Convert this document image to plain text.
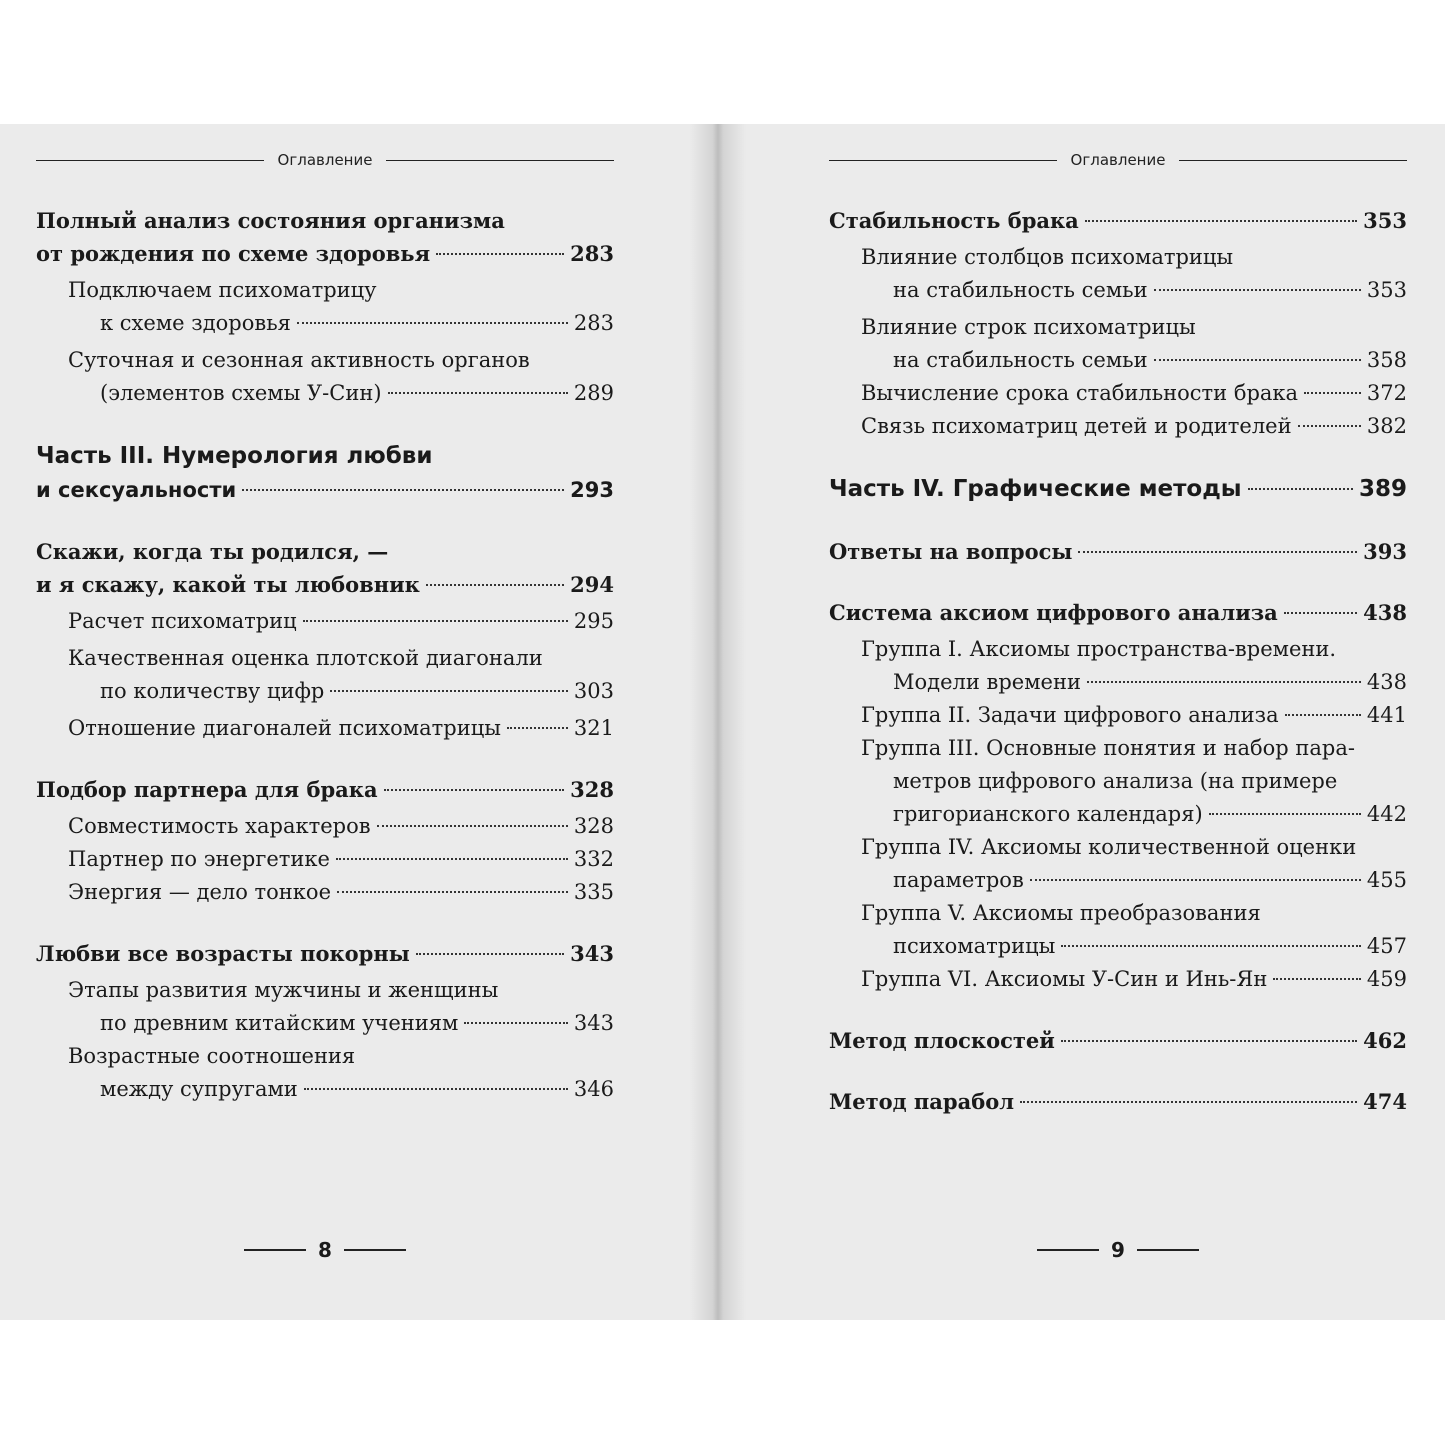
Оглавление
Полный анализ состояния организма
от рождения по схеме здоровья	283
Подключаем психоматрицу
к схеме здоровья	283
Суточная и сезонная активность органов
(элементов схемы У-Син)	289
Часть III. Нумерология любви
и сексуальности	293
Скажи, когда ты родился, —
и я скажу, какой ты любовник	294
Расчет психоматриц	295
Качественная оценка плотской диагонали
по количеству цифр	303
Отношение диагоналей психоматрицы	321
Подбор партнера для брака	328
Совместимость характеров	328
Партнер по энергетике	332
Энергия — дело тонкое	335
Любви все возрасты покорны	343
Этапы развития мужчины и женщины
по древним китайским учениям	343
Возрастные соотношения
между супругами	346
8
Оглавление
Стабильность брака	353
Влияние столбцов психоматрицы
на стабильность семьи	353
Влияние строк психоматрицы
на стабильность семьи	358
Вычисление срока стабильности брака	372
Связь психоматриц детей и родителей	382
Часть IV. Графические методы	389
Ответы на вопросы	393
Система аксиом цифрового анализа	438
Группа I. Аксиомы пространства-времени.
Модели времени	438
Группа II. Задачи цифрового анализа	441
Группа III. Основные понятия и набор пара-
метров цифрового анализа (на примере
григорианского календаря)	442
Группа IV. Аксиомы количественной оценки
параметров	455
Группа V. Аксиомы преобразования
психоматрицы	457
Группа VI. Аксиомы У-Син и Инь-Ян	459
Метод плоскостей	462
Метод парабол	474
9
